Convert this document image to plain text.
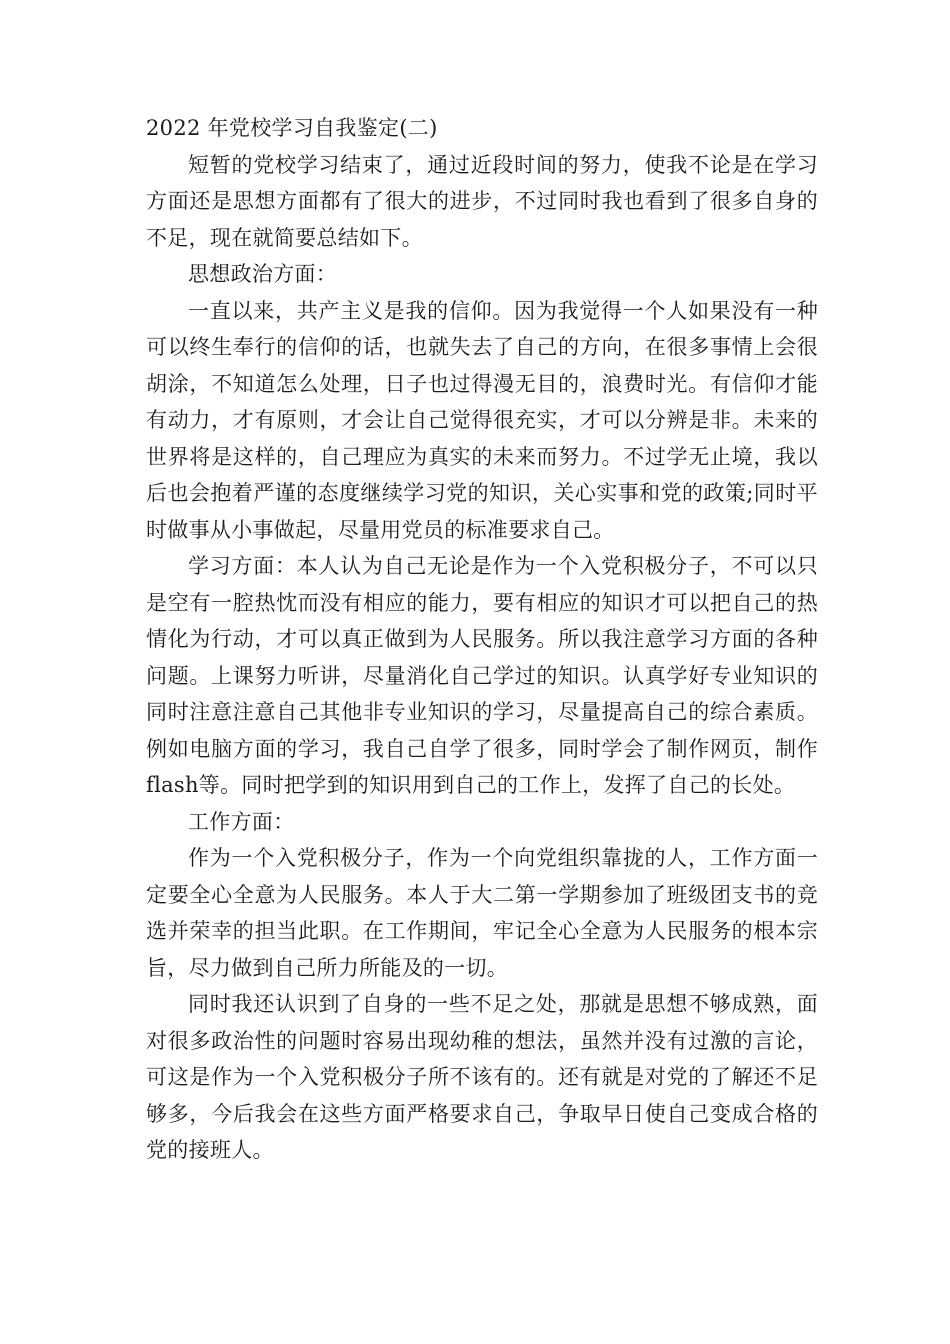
2022 年党校学习自我鉴定(二)

短暂的党校学习结束了，通过近段时间的努力，使我不论是在学习方面还是思想方面都有了很大的进步，不过同时我也看到了很多自身的不足，现在就简要总结如下。

思想政治方面：

一直以来，共产主义是我的信仰。因为我觉得一个人如果没有一种可以终生奉行的信仰的话，也就失去了自己的方向，在很多事情上会很胡涂，不知道怎么处理，日子也过得漫无目的，浪费时光。有信仰才能有动力，才有原则，才会让自己觉得很充实，才可以分辨是非。未来的世界将是这样的，自己理应为真实的未来而努力。不过学无止境，我以后也会抱着严谨的态度继续学习党的知识，关心实事和党的政策;同时平时做事从小事做起，尽量用党员的标准要求自己。

学习方面：本人认为自己无论是作为一个入党积极分子，不可以只是空有一腔热忱而没有相应的能力，要有相应的知识才可以把自己的热情化为行动，才可以真正做到为人民服务。所以我注意学习方面的各种问题。上课努力听讲，尽量消化自己学过的知识。认真学好专业知识的同时注意注意自己其他非专业知识的学习，尽量提高自己的综合素质。例如电脑方面的学习，我自己自学了很多，同时学会了制作网页，制作 flash等。同时把学到的知识用到自己的工作上，发挥了自己的长处。

工作方面：

作为一个入党积极分子，作为一个向党组织靠拢的人，工作方面一定要全心全意为人民服务。本人于大二第一学期参加了班级团支书的竞选并荣幸的担当此职。在工作期间，牢记全心全意为人民服务的根本宗旨，尽力做到自己所力所能及的一切。

同时我还认识到了自身的一些不足之处，那就是思想不够成熟，面对很多政治性的问题时容易出现幼稚的想法，虽然并没有过激的言论，可这是作为一个入党积极分子所不该有的。还有就是对党的了解还不足够多，今后我会在这些方面严格要求自己，争取早日使自己变成合格的党的接班人。
